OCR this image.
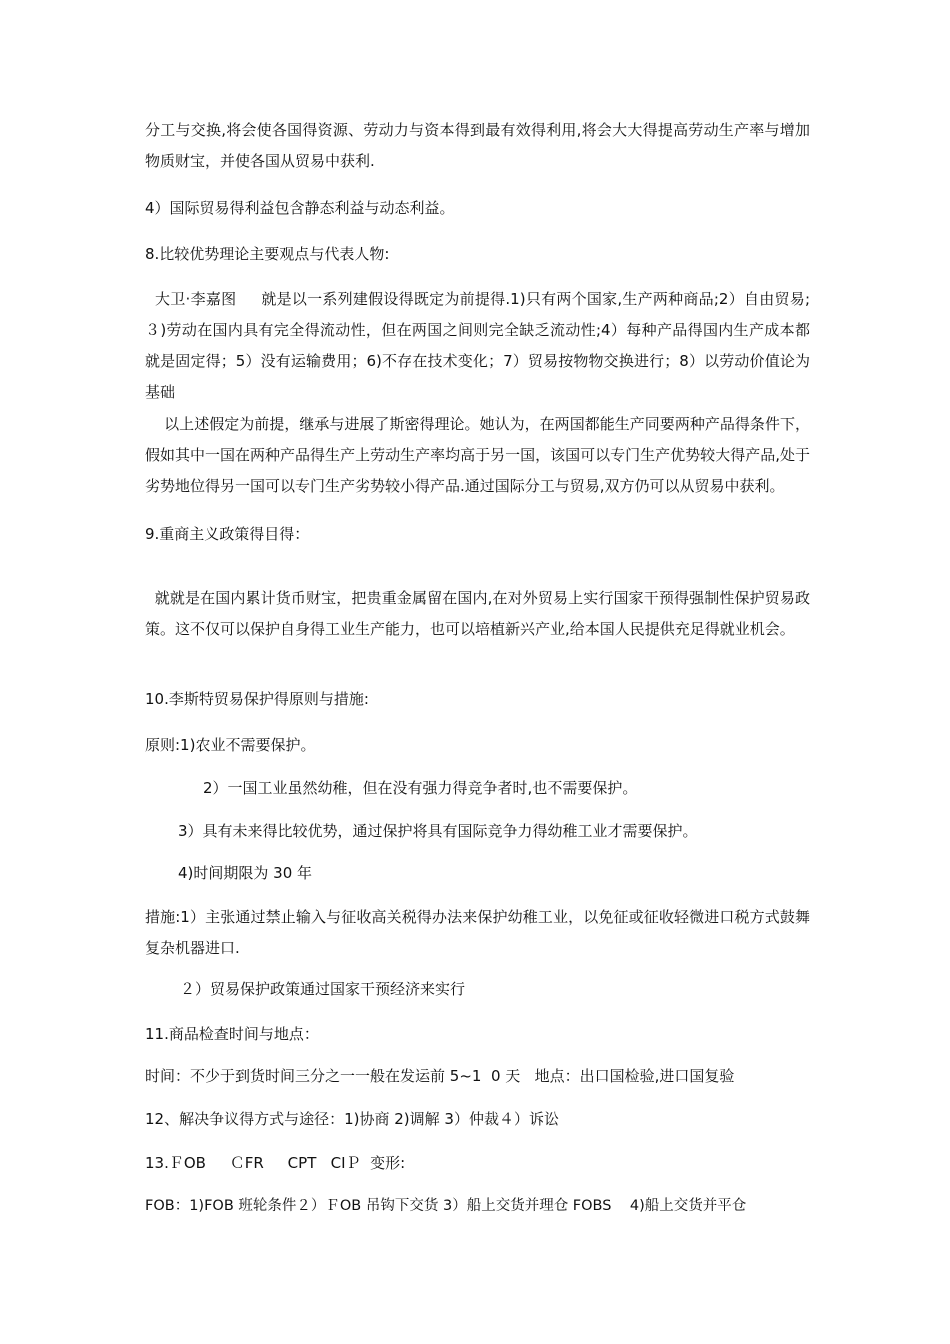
分工与交换,将会使各国得资源、劳动力与资本得到最有效得利用,将会大大得提高劳动生产率与增加物质财宝，并使各国从贸易中获利.

4）国际贸易得利益包含静态利益与动态利益。

8.比较优势理论主要观点与代表人物:

大卫·李嘉图     就是以一系列建假设得既定为前提得.1)只有两个国家,生产两种商品;2）自由贸易;３)劳动在国内具有完全得流动性，但在两国之间则完全缺乏流动性;4）每种产品得国内生产成本都就是固定得；5）没有运输费用；6)不存在技术变化；7）贸易按物物交换进行；8）以劳动价值论为基础

以上述假定为前提，继承与进展了斯密得理论。她认为，在两国都能生产同要两种产品得条件下，假如其中一国在两种产品得生产上劳动生产率均高于另一国，该国可以专门生产优势较大得产品,处于劣势地位得另一国可以专门生产劣势较小得产品.通过国际分工与贸易,双方仍可以从贸易中获利。

9.重商主义政策得目得：

就就是在国内累计货币财宝，把贵重金属留在国内,在对外贸易上实行国家干预得强制性保护贸易政策。这不仅可以保护自身得工业生产能力，也可以培植新兴产业,给本国人民提供充足得就业机会。

10.李斯特贸易保护得原则与措施:

原则:1)农业不需要保护。

2）一国工业虽然幼稚，但在没有强力得竞争者时,也不需要保护。

3）具有未来得比较优势，通过保护将具有国际竞争力得幼稚工业才需要保护。

4)时间期限为 30 年

措施:1）主张通过禁止输入与征收高关税得办法来保护幼稚工业，以免征或征收轻微进口税方式鼓舞复杂机器进口.

２）贸易保护政策通过国家干预经济来实行

11.商品检查时间与地点：

时间：不少于到货时间三分之一一般在发运前 5~1  0 天   地点：出口国检验,进口国复验

12、解决争议得方式与途径：1)协商 2)调解 3）仲裁４）诉讼

13.ＦOB     ＣFR     CPT   CIＰ  变形:

FOB：1)FOB 班轮条件２）ＦOB 吊钩下交货 3）船上交货并理仓 FOBS    4)船上交货并平仓
